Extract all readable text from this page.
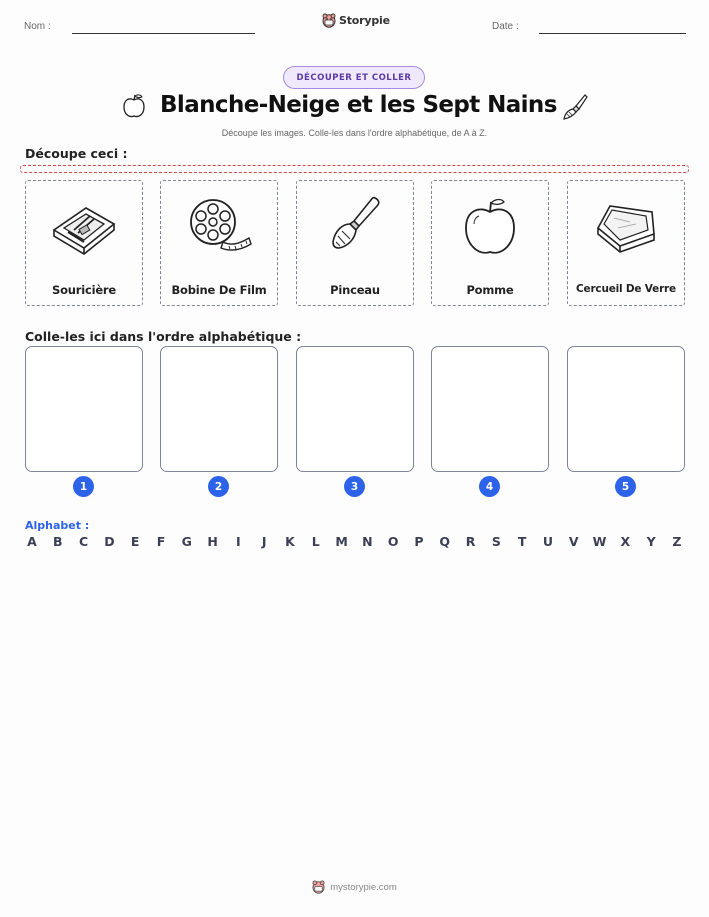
Nom :	Storypie	Date :
DÉCOUPER ET COLLER
Blanche-Neige et les Sept Nains
Découpe les images. Colle-les dans l'ordre alphabétique, de A à Z.
Découpe ceci :
Souricière	Bobine De Film	Pinceau	Pomme	Cercueil De Verre
Colle-les ici dans l'ordre alphabétique :
1	2	3	4	5
Alphabet :
A B C D E F G H	I	J	K	L	M N O P Q R S T U V W X Y Z
mystorypie.com
